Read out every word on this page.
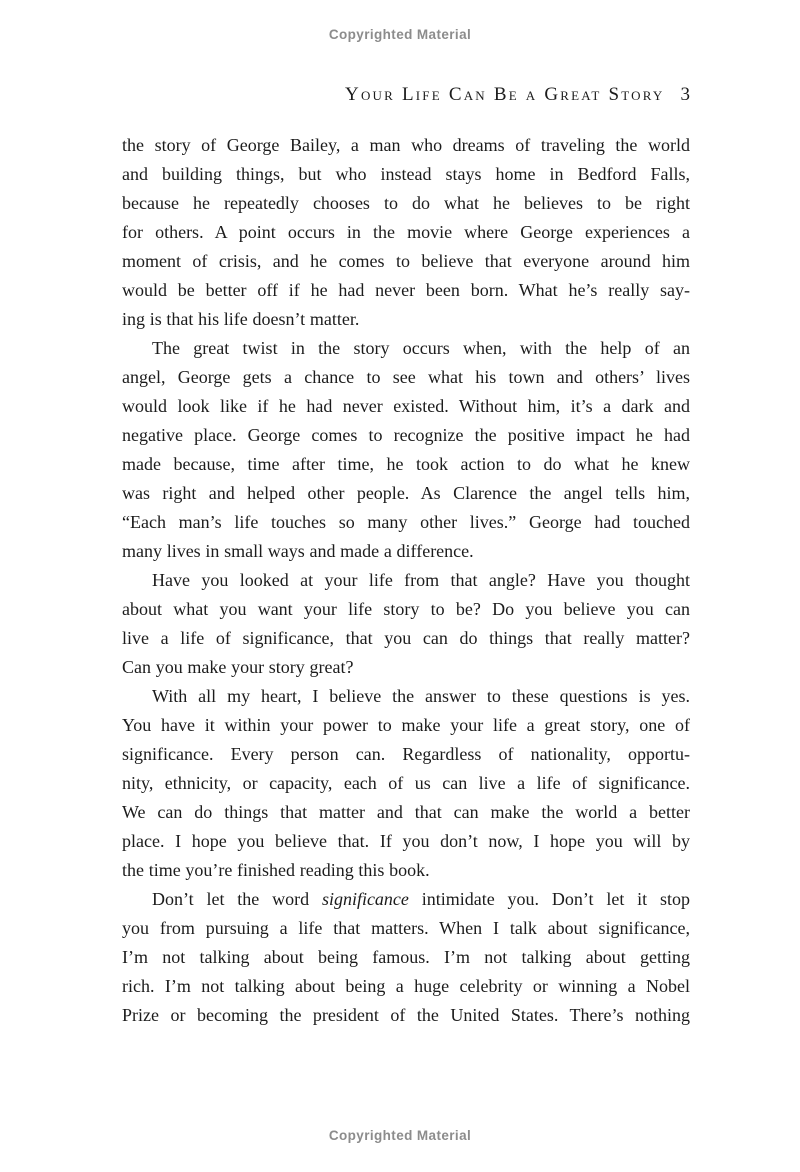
Copyrighted Material
Your Life Can Be a Great Story 3
the story of George Bailey, a man who dreams of traveling the world
and building things, but who instead stays home in Bedford Falls,
because he repeatedly chooses to do what he believes to be right
for others. A point occurs in the movie where George experiences a
moment of crisis, and he comes to believe that everyone around him
would be better off if he had never been born. What he’s really say-
ing is that his life doesn’t matter.
The great twist in the story occurs when, with the help of an
angel, George gets a chance to see what his town and others’ lives
would look like if he had never existed. Without him, it’s a dark and
negative place. George comes to recognize the positive impact he had
made because, time after time, he took action to do what he knew
was right and helped other people. As Clarence the angel tells him,
“Each man’s life touches so many other lives.” George had touched
many lives in small ways and made a difference.
Have you looked at your life from that angle? Have you thought
about what you want your life story to be? Do you believe you can
live a life of significance, that you can do things that really matter?
Can you make your story great?
With all my heart, I believe the answer to these questions is yes.
You have it within your power to make your life a great story, one of
significance. Every person can. Regardless of nationality, opportu-
nity, ethnicity, or capacity, each of us can live a life of significance.
We can do things that matter and that can make the world a better
place. I hope you believe that. If you don’t now, I hope you will by
the time you’re finished reading this book.
Don’t let the word significance intimidate you. Don’t let it stop
you from pursuing a life that matters. When I talk about significance,
I’m not talking about being famous. I’m not talking about getting
rich. I’m not talking about being a huge celebrity or winning a Nobel
Prize or becoming the president of the United States. There’s nothing
Copyrighted Material
